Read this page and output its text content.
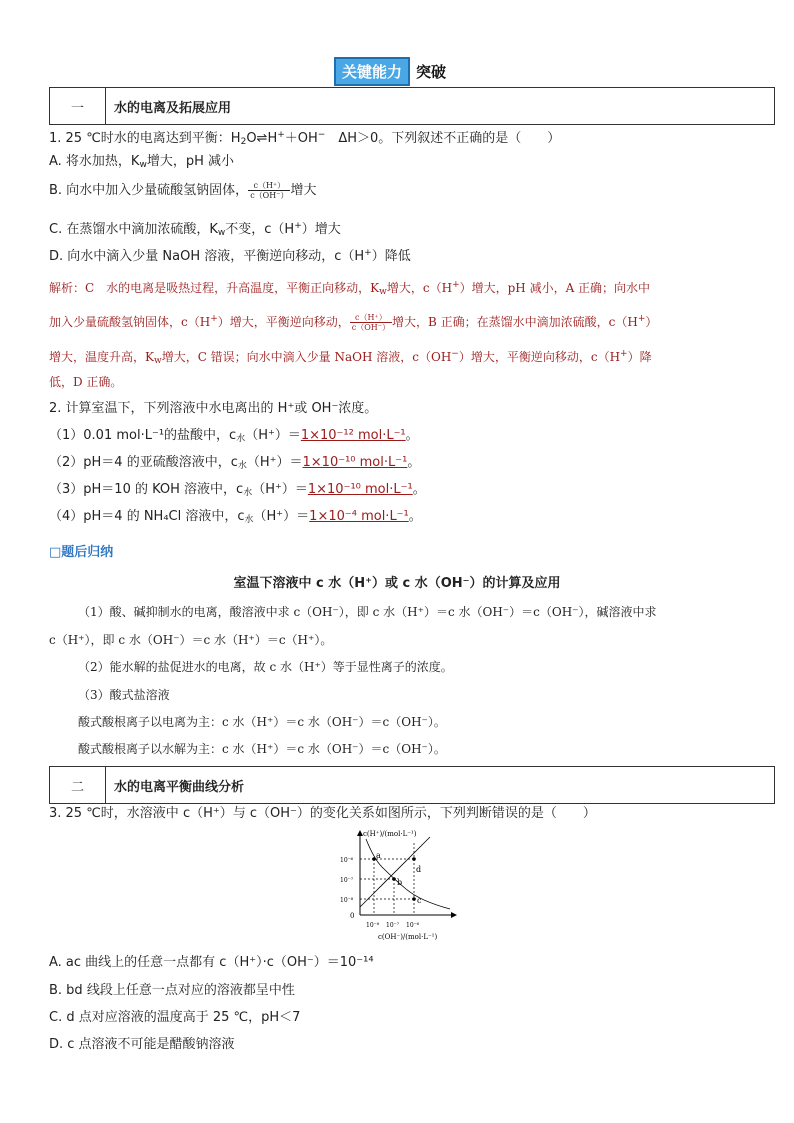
关键能力 突破
一	水的电离及拓展应用
1. 25 ℃时水的电离达到平衡：$H_2O\rightleftharpoons H^++OH^-$　ΔH＞0。下列叙述不正确的是（　　）
A. 将水加热，$K_w$增大，pH 减小
B. 向水中加入少量硫酸氢钠固体， $\frac{c(H^+)}{c(OH^-)}$ 增大
C. 在蒸馏水中滴加浓硫酸，$K_w$不变，c（H+）增大
D. 向水中滴入少量 NaOH 溶液，平衡逆向移动，c（H+）降低
解析：C　水的电离是吸热过程，升高温度，平衡正向移动，$K_w$增大，c（H+）增大，pH 减小，A 正确；向水中
加入少量硫酸氢钠固体，c（H+）增大，平衡逆向移动， $\frac{c(H^+)}{c(OH^-)}$ 增大，B 正确；在蒸馏水中滴加浓硫酸，c（H+）
增大，温度升高，$K_w$增大，C 错误；向水中滴入少量 NaOH 溶液，c（OH−）增大，平衡逆向移动，c（H+）降
低，D 正确。
2. 计算室温下，下列溶液中水电离出的 H⁺或 OH⁻浓度。
（1）0.01 mol·L⁻¹的盐酸中，$c_水(H^+)=1\times 10^{-12}$ mol·L⁻¹。
（2）pH＝4 的亚硫酸溶液中，$c_水(H^+)=1\times 10^{-10}$ mol·L⁻¹。
（3）pH＝10 的 KOH 溶液中，$c_水(H^+)=1\times 10^{-10}$ mol·L⁻¹。
（4）pH＝4 的 NH₄Cl 溶液中，$c_水(H^+)=1\times 10^{-4}$ mol·L⁻¹。
□题后归纳
室温下溶液中 c 水（H⁺）或 c 水（OH⁻）的计算及应用
（1）酸、碱抑制水的电离，酸溶液中求 c（OH⁻），即 c 水（H⁺）＝c 水（OH⁻）＝c（OH⁻），碱溶液中求
c（H⁺），即 c 水（OH⁻）＝c 水（H⁺）＝c（H⁺）。
（2）能水解的盐促进水的电离，故 c 水（H⁺）等于显性离子的浓度。
（3）酸式盐溶液
酸式酸根离子以电离为主：c 水（H⁺）＝c 水（OH⁻）＝c（OH⁻）。
酸式酸根离子以水解为主：c 水（H⁺）＝c 水（OH⁻）＝c（OH⁻）。
二	水的电离平衡曲线分析
3. 25 ℃时，水溶液中 c（H⁺）与 c（OH⁻）的变化关系如图所示，下列判断错误的是（　　）
c(H⁺)/(mol·L⁻¹)
c(OH⁻)/(mol·L⁻¹)
10⁻⁶
10⁻⁷
10⁻⁸
0
10⁻⁸ 10⁻⁷ 10⁻⁶
a
b
c
d
A. ac 曲线上的任意一点都有 c（H⁺）·c（OH⁻）＝10⁻¹⁴
B. bd 线段上任意一点对应的溶液都呈中性
C. d 点对应溶液的温度高于 25 ℃，pH＜7
D. c 点溶液不可能是醋酸钠溶液
